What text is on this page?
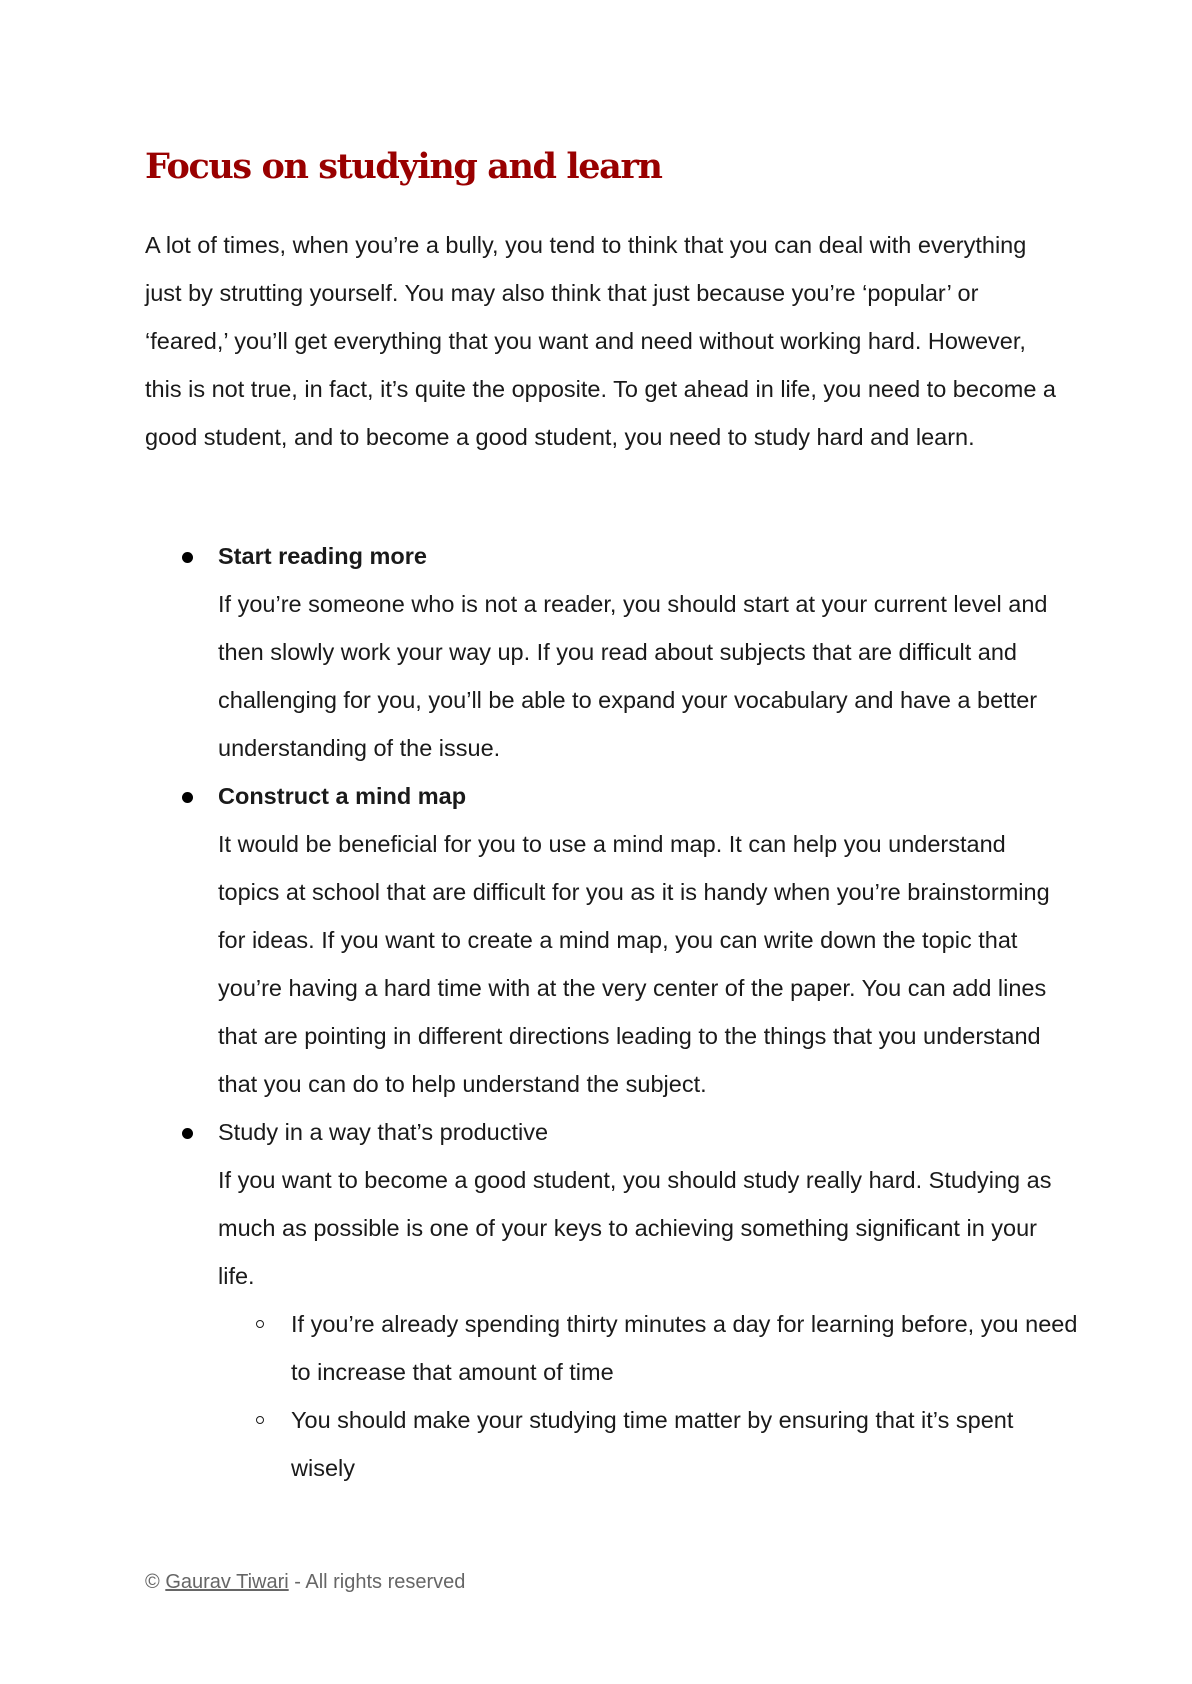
Focus on studying and learn

A lot of times, when you’re a bully, you tend to think that you can deal with everything just by strutting yourself. You may also think that just because you’re ‘popular’ or ‘feared,’ you’ll get everything that you want and need without working hard. However, this is not true, in fact, it’s quite the opposite. To get ahead in life, you need to become a good student, and to become a good student, you need to study hard and learn.

Start reading more
If you’re someone who is not a reader, you should start at your current level and then slowly work your way up. If you read about subjects that are difficult and challenging for you, you’ll be able to expand your vocabulary and have a better understanding of the issue.
Construct a mind map
It would be beneficial for you to use a mind map. It can help you understand topics at school that are difficult for you as it is handy when you’re brainstorming for ideas. If you want to create a mind map, you can write down the topic that you’re having a hard time with at the very center of the paper. You can add lines that are pointing in different directions leading to the things that you understand that you can do to help understand the subject.
Study in a way that’s productive
If you want to become a good student, you should study really hard. Studying as much as possible is one of your keys to achieving something significant in your life.
If you’re already spending thirty minutes a day for learning before, you need to increase that amount of time
You should make your studying time matter by ensuring that it’s spent wisely
© Gaurav Tiwari - All rights reserved
